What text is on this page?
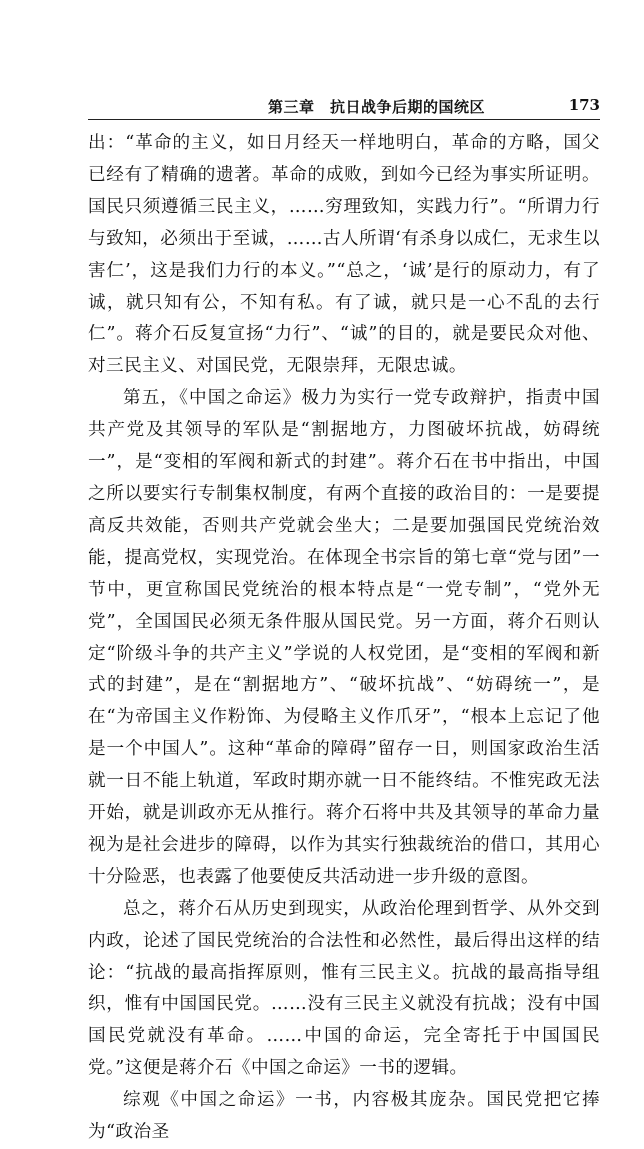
第三章　抗日战争后期的国统区	173

出：“革命的主义，如日月经天一样地明白，革命的方略，国父已经有了精确的遗著。革命的成败，到如今已经为事实所证明。国民只须遵循三民主义，……穷理致知，实践力行”。“所谓力行与致知，必须出于至诚，……古人所谓‘有杀身以成仁，无求生以害仁’，这是我们力行的本义。”“总之，‘诚’是行的原动力，有了诚，就只知有公，不知有私。有了诚，就只是一心不乱的去行仁”。蒋介石反复宣扬“力行”、“诚”的目的，就是要民众对他、对三民主义、对国民党，无限崇拜，无限忠诚。

第五，《中国之命运》极力为实行一党专政辩护，指责中国共产党及其领导的军队是“割据地方，力图破坏抗战，妨碍统一”，是“变相的军阀和新式的封建”。蒋介石在书中指出，中国之所以要实行专制集权制度，有两个直接的政治目的：一是要提高反共效能，否则共产党就会坐大；二是要加强国民党统治效能，提高党权，实现党治。在体现全书宗旨的第七章“党与团”一节中，更宣称国民党统治的根本特点是“一党专制”，“党外无党”，全国国民必须无条件服从国民党。另一方面，蒋介石则认定“阶级斗争的共产主义”学说的人权党团，是“变相的军阀和新式的封建”，是在“割据地方”、“破坏抗战”、“妨碍统一”，是在“为帝国主义作粉饰、为侵略主义作爪牙”，“根本上忘记了他是一个中国人”。这种“革命的障碍”留存一日，则国家政治生活就一日不能上轨道，军政时期亦就一日不能终结。不惟宪政无法开始，就是训政亦无从推行。蒋介石将中共及其领导的革命力量视为是社会进步的障碍，以作为其实行独裁统治的借口，其用心十分险恶，也表露了他要使反共活动进一步升级的意图。

总之，蒋介石从历史到现实，从政治伦理到哲学、从外交到内政，论述了国民党统治的合法性和必然性，最后得出这样的结论：“抗战的最高指挥原则，惟有三民主义。抗战的最高指导组织，惟有中国国民党。……没有三民主义就没有抗战；没有中国国民党就没有革命。……中国的命运，完全寄托于中国国民党。”这便是蒋介石《中国之命运》一书的逻辑。

综观《中国之命运》一书，内容极其庞杂。国民党把它捧为“政治圣
